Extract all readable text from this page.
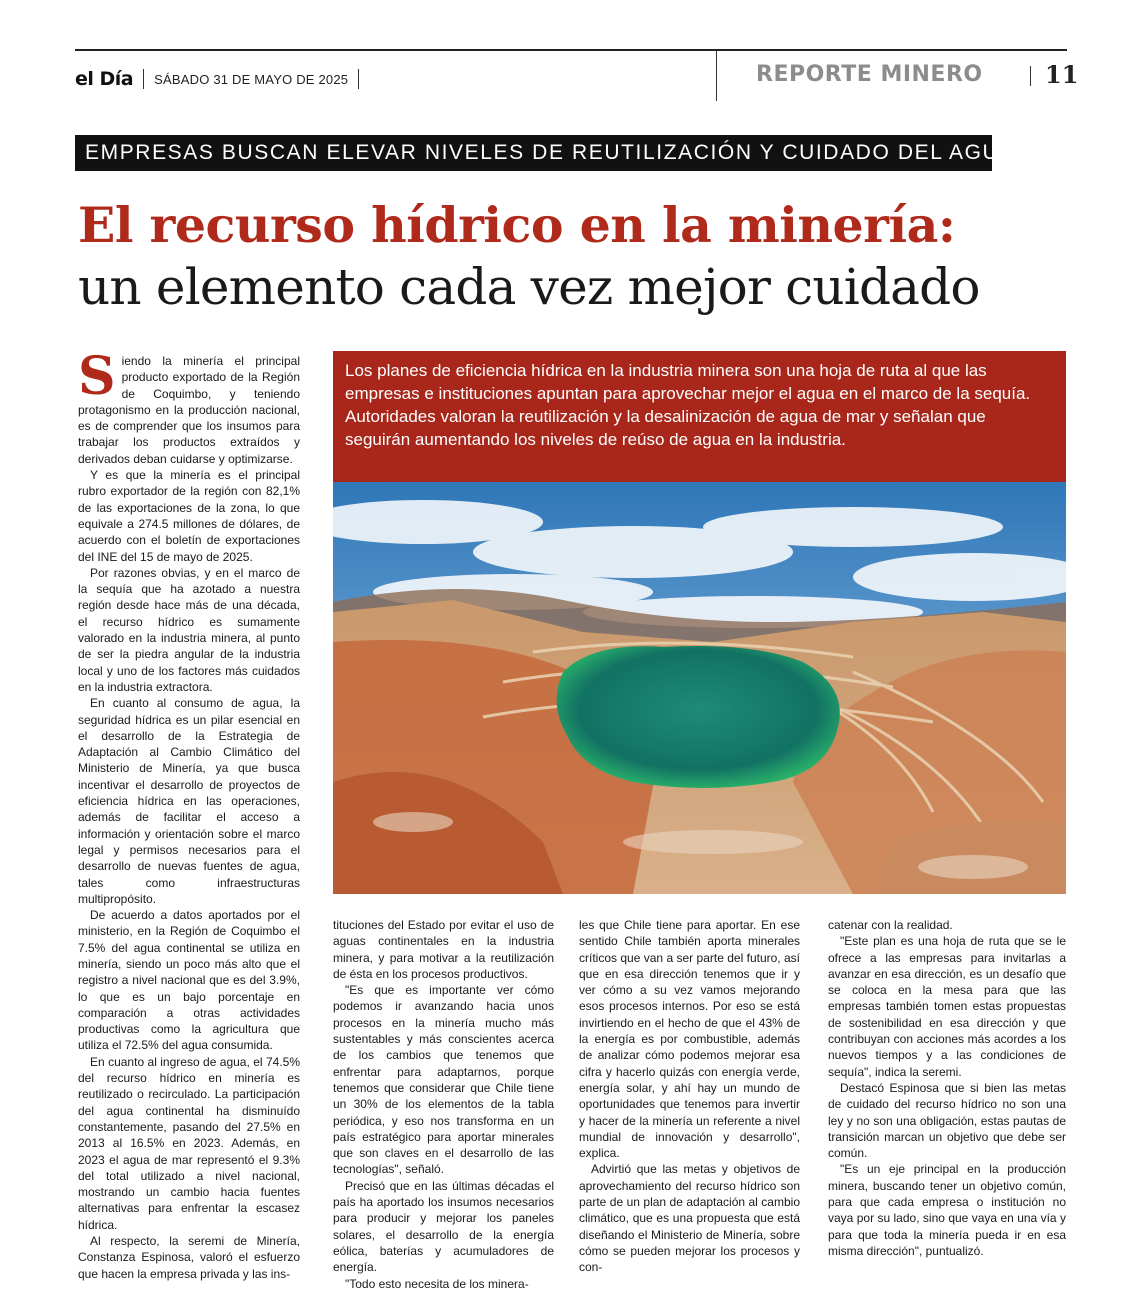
el Día SÁBADO 31 DE MAYO DE 2025	REPORTE MINERO	11
EMPRESAS BUSCAN ELEVAR NIVELES DE REUTILIZACIÓN Y CUIDADO DEL AGUA
El recurso hídrico en la minería:
un elemento cada vez mejor cuidado
Los planes de eficiencia hídrica en la industria minera son una hoja de ruta al que las empresas e instituciones apuntan para aprovechar mejor el agua en el marco de la sequía. Autoridades valoran la reutilización y la desalinización de agua de mar y señalan que seguirán aumentando los niveles de reúso de agua en la industria.

Siendo la minería el principal producto exportado de la Región de Coquimbo, y teniendo protagonismo en la producción nacional, es de comprender que los insumos para trabajar los productos extraídos y derivados deban cuidarse y optimizarse.

Y es que la minería es el principal rubro exportador de la región con 82,1% de las exportaciones de la zona, lo que equivale a 274.5 millones de dólares, de acuerdo con el boletín de exportaciones del INE del 15 de mayo de 2025.

Por razones obvias, y en el marco de la sequía que ha azotado a nuestra región desde hace más de una década, el recurso hídrico es sumamente valorado en la industria minera, al punto de ser la piedra angular de la industria local y uno de los factores más cuidados en la industria extractora.

En cuanto al consumo de agua, la seguridad hídrica es un pilar esencial en el desarrollo de la Estrategia de Adaptación al Cambio Climático del Ministerio de Minería, ya que busca incentivar el desarrollo de proyectos de eficiencia hídrica en las operaciones, además de facilitar el acceso a información y orientación sobre el marco legal y permisos necesarios para el desarrollo de nuevas fuentes de agua, tales como infraestructuras multipropósito.

De acuerdo a datos aportados por el ministerio, en la Región de Coquimbo el 7.5% del agua continental se utiliza en minería, siendo un poco más alto que el registro a nivel nacional que es del 3.9%, lo que es un bajo porcentaje en comparación a otras actividades productivas como la agricultura que utiliza el 72.5% del agua consumida.

En cuanto al ingreso de agua, el 74.5% del recurso hídrico en minería es reutilizado o recirculado. La participación del agua continental ha disminuído constantemente, pasando del 27.5% en 2013 al 16.5% en 2023. Además, en 2023 el agua de mar representó el 9.3% del total utilizado a nivel nacional, mostrando un cambio hacia fuentes alternativas para enfrentar la escasez hídrica.

Al respecto, la seremi de Minería, Constanza Espinosa, valoró el esfuerzo que hacen la empresa privada y las ins-

tituciones del Estado por evitar el uso de aguas continentales en la industria minera, y para motivar a la reutilización de ésta en los procesos productivos.

"Es que es importante ver cómo podemos ir avanzando hacia unos procesos en la minería mucho más sustentables y más conscientes acerca de los cambios que tenemos que enfrentar para adaptarnos, porque tenemos que considerar que Chile tiene un 30% de los elementos de la tabla periódica, y eso nos transforma en un país estratégico para aportar minerales que son claves en el desarrollo de las tecnologías", señaló.

Precisó que en las últimas décadas el país ha aportado los insumos necesarios para producir y mejorar los paneles solares, el desarrollo de la energía eólica, baterías y acumuladores de energía.

"Todo esto necesita de los minera-

les que Chile tiene para aportar. En ese sentido Chile también aporta minerales críticos que van a ser parte del futuro, así que en esa dirección tenemos que ir y ver cómo a su vez vamos mejorando esos procesos internos. Por eso se está invirtiendo en el hecho de que el 43% de la energía es por combustible, además de analizar cómo podemos mejorar esa cifra y hacerlo quizás con energía verde, energía solar, y ahí hay un mundo de oportunidades que tenemos para invertir y hacer de la minería un referente a nivel mundial de innovación y desarrollo", explica.

Advirtió que las metas y objetivos de aprovechamiento del recurso hídrico son parte de un plan de adaptación al cambio climático, que es una propuesta que está diseñando el Ministerio de Minería, sobre cómo se pueden mejorar los procesos y con-

catenar con la realidad.

"Este plan es una hoja de ruta que se le ofrece a las empresas para invitarlas a avanzar en esa dirección, es un desafío que se coloca en la mesa para que las empresas también tomen estas propuestas de sostenibilidad en esa dirección y que contribuyan con acciones más acordes a los nuevos tiempos y a las condiciones de sequía", indica la seremi.

Destacó Espinosa que si bien las metas de cuidado del recurso hídrico no son una ley y no son una obligación, estas pautas de transición marcan un objetivo que debe ser común.

"Es un eje principal en la producción minera, buscando tener un objetivo común, para que cada empresa o institución no vaya por su lado, sino que vaya en una vía y para que toda la minería pueda ir en esa misma dirección", puntualizó.
